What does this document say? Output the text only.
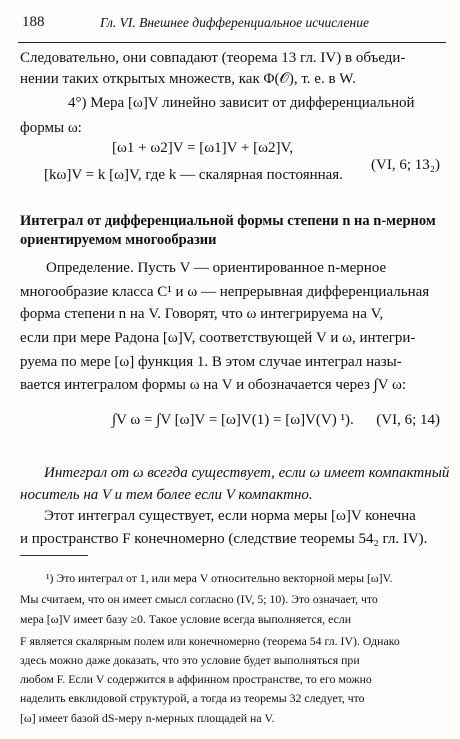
188	Гл. VI. Внешнее дифференциальное исчисление
Следовательно, они совпадают (теорема 13 гл. IV) в объеди-
нении таких открытых множеств, как Φ(𝒪), т. е. в W.
4°) Мера [ω]V линейно зависит от дифференциальной
формы ω:
[ω1 + ω2]V = [ω1]V + [ω2]V,
[kω]V = k [ω]V, где k — скалярная постоянная.
(VI, 6; 13₂)
Интеграл от дифференциальной формы степени n на n-мерном
ориентируемом многообразии
Определение. Пусть V — ориентированное n-мерное
многообразие класса C¹ и ω — непрерывная дифференциальная
форма степени n на V. Говорят, что ω интегрируема на V,
если при мере Радона [ω]V, соответствующей V и ω, интегри-
руема по мере [ω] функция 1. В этом случае интеграл назы-
вается интегралом формы ω на V и обозначается через ∫V ω:
∫V ω = ∫V [ω]V = [ω]V(1) = [ω]V(V) ¹). (VI, 6; 14)
Интеграл от ω всегда существует, если ω имеет компактный
носитель на V и тем более если V компактно.
Этот интеграл существует, если норма меры [ω]V конечна
и пространство F конечномерно (следствие теоремы 54₂ гл. IV).
¹) Это интеграл от 1, или мера V относительно векторной меры [ω]V.
Мы считаем, что он имеет смысл согласно (IV, 5; 10). Это означает, что
мера [ω]V имеет базу ≥0. Такое условие всегда выполняется, если
F является скалярным полем или конечномерно (теорема 54 гл. IV). Однако
здесь можно даже доказать, что это условие будет выполняться при
любом F. Если V содержится в аффинном пространстве, то его можно
наделить евклидовой структурой, а тогда из теоремы 32 следует, что
[ω] имеет базой dS-меру n-мерных площадей на V.
